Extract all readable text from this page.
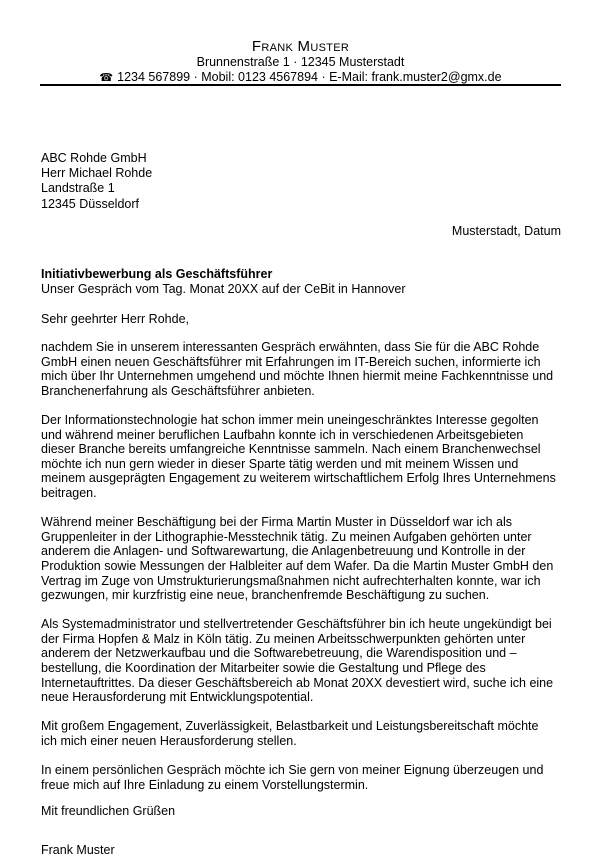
Frank Muster
Brunnenstraße 1 · 12345 Musterstadt
☎ 1234 567899 · Mobil: 0123 4567894 · E-Mail: frank.muster2@gmx.de
ABC Rohde GmbH
Herr Michael Rohde
Landstraße 1
12345 Düsseldorf
Musterstadt, Datum
Initiativbewerbung als Geschäftsführer
Unser Gespräch vom Tag. Monat 20XX auf der CeBit in Hannover
Sehr geehrter Herr Rohde,
nachdem Sie in unserem interessanten Gespräch erwähnten, dass Sie für die ABC Rohde
GmbH einen neuen Geschäftsführer mit Erfahrungen im IT-Bereich suchen, informierte ich
mich über Ihr Unternehmen umgehend und möchte Ihnen hiermit meine Fachkenntnisse und
Branchenerfahrung als Geschäftsführer anbieten.
Der Informationstechnologie hat schon immer mein uneingeschränktes Interesse gegolten
und während meiner beruflichen Laufbahn konnte ich in verschiedenen Arbeitsgebieten
dieser Branche bereits umfangreiche Kenntnisse sammeln. Nach einem Branchenwechsel
möchte ich nun gern wieder in dieser Sparte tätig werden und mit meinem Wissen und
meinem ausgeprägten Engagement zu weiterem wirtschaftlichem Erfolg Ihres Unternehmens
beitragen.
Während meiner Beschäftigung bei der Firma Martin Muster in Düsseldorf war ich als
Gruppenleiter in der Lithographie-Messtechnik tätig. Zu meinen Aufgaben gehörten unter
anderem die Anlagen- und Softwarewartung, die Anlagenbetreuung und Kontrolle in der
Produktion sowie Messungen der Halbleiter auf dem Wafer. Da die Martin Muster GmbH den
Vertrag im Zuge von Umstrukturierungsmaßnahmen nicht aufrechterhalten konnte, war ich
gezwungen, mir kurzfristig eine neue, branchenfremde Beschäftigung zu suchen.
Als Systemadministrator und stellvertretender Geschäftsführer bin ich heute ungekündigt bei
der Firma Hopfen & Malz in Köln tätig. Zu meinen Arbeitsschwerpunkten gehörten unter
anderem der Netzwerkaufbau und die Softwarebetreuung, die Warendisposition und –
bestellung, die Koordination der Mitarbeiter sowie die Gestaltung und Pflege des
Internetauftrittes. Da dieser Geschäftsbereich ab Monat 20XX devestiert wird, suche ich eine
neue Herausforderung mit Entwicklungspotential.
Mit großem Engagement, Zuverlässigkeit, Belastbarkeit und Leistungsbereitschaft möchte
ich mich einer neuen Herausforderung stellen.
In einem persönlichen Gespräch möchte ich Sie gern von meiner Eignung überzeugen und
freue mich auf Ihre Einladung zu einem Vorstellungstermin.
Mit freundlichen Grüßen
Frank Muster
